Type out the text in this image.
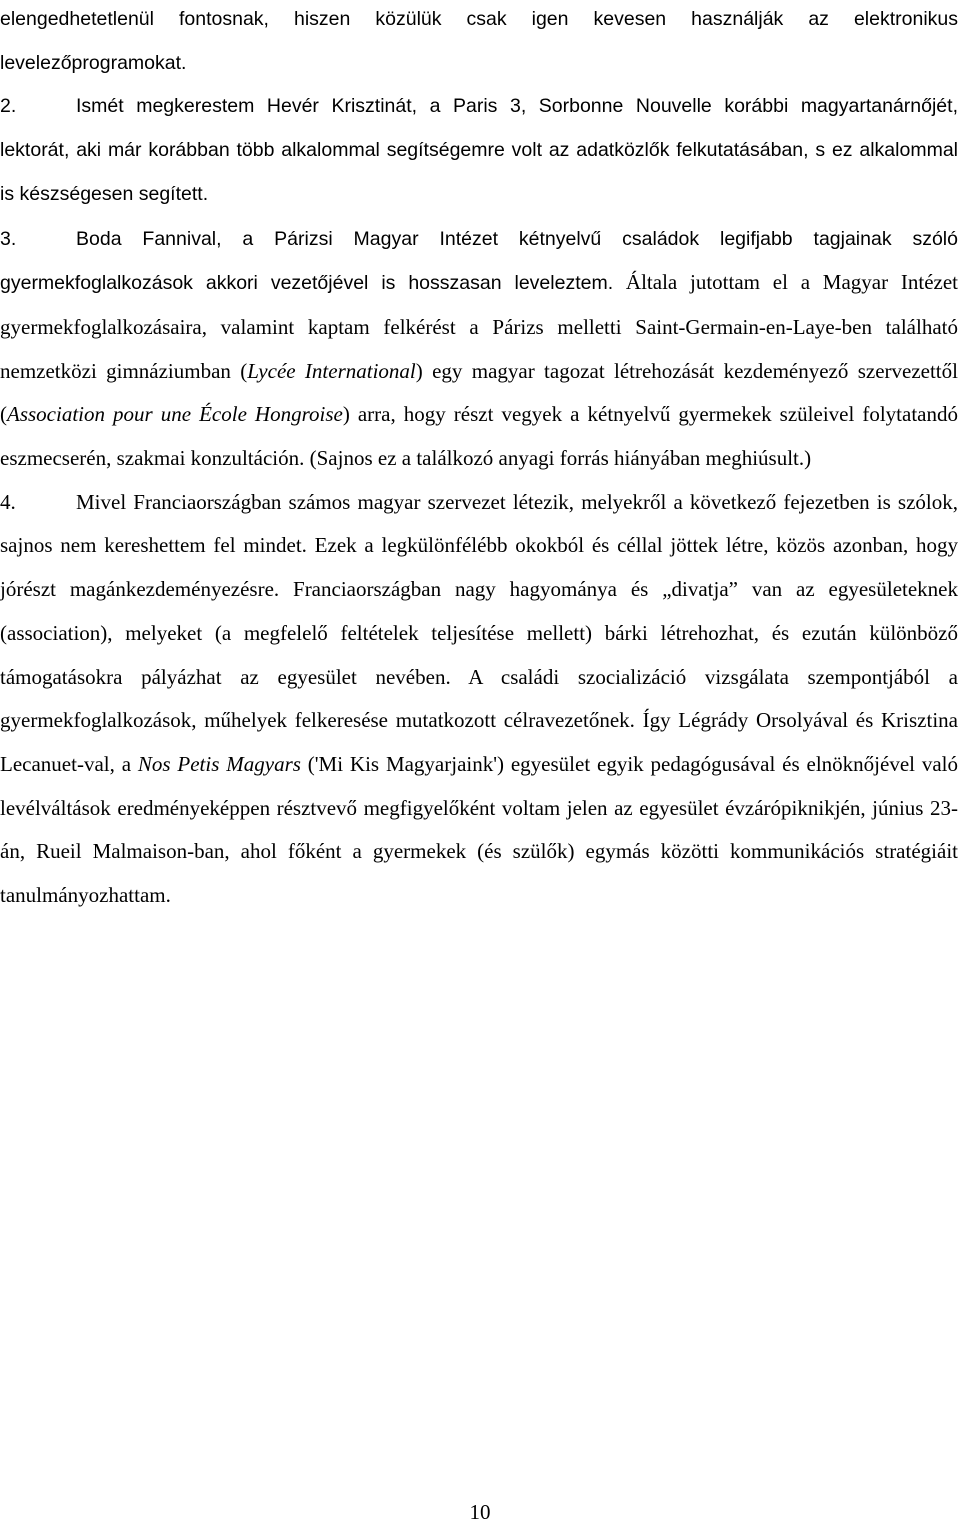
elengedhetetlenül fontosnak, hiszen közülük csak igen kevesen használják az elektronikus levelezőprogramokat.

2.	Ismét megkerestem Hevér Krisztinát, a Paris 3, Sorbonne Nouvelle korábbi magyartanárnőjét, lektorát, aki már korábban több alkalommal segítségemre volt az adatközlők felkutatásában, s ez alkalommal is készségesen segített.

3.	Boda Fannival, a Párizsi Magyar Intézet kétnyelvű családok legifjabb tagjainak szóló gyermekfoglalkozások akkori vezetőjével is hosszasan leveleztem. Általa jutottam el a Magyar Intézet gyermekfoglalkozásaira, valamint kaptam felkérést a Párizs melletti Saint-Germain-en-Laye-ben található nemzetközi gimnáziumban (Lycée International) egy magyar tagozat létrehozását kezdeményező szervezettől (Association pour une École Hongroise) arra, hogy részt vegyek a kétnyelvű gyermekek szüleivel folytatandó eszmecserén, szakmai konzultáción. (Sajnos ez a találkozó anyagi forrás hiányában meghiúsult.)

4.	Mivel Franciaországban számos magyar szervezet létezik, melyekről a következő fejezetben is szólok, sajnos nem kereshettem fel mindet. Ezek a legkülönfélébb okokból és céllal jöttek létre, közös azonban, hogy jórészt magánkezdeményezésre. Franciaországban nagy hagyománya és „divatja” van az egyesületeknek (association), melyeket (a megfelelő feltételek teljesítése mellett) bárki létrehozhat, és ezután különböző támogatásokra pályázhat az egyesület nevében. A családi szocializáció vizsgálata szempontjából a gyermekfoglalkozások, műhelyek felkeresése mutatkozott célravezetőnek. Így Légrády Orsolyával és Krisztina Lecanuet-val, a Nos Petis Magyars ('Mi Kis Magyarjaink') egyesület egyik pedagógusával és elnöknőjével való levélváltások eredményeképpen résztvevő megfigyelőként voltam jelen az egyesület évzárópiknikjén, június 23-án, Rueil Malmaison-ban, ahol főként a gyermekek (és szülők) egymás közötti kommunikációs stratégiáit tanulmányozhattam.

10
